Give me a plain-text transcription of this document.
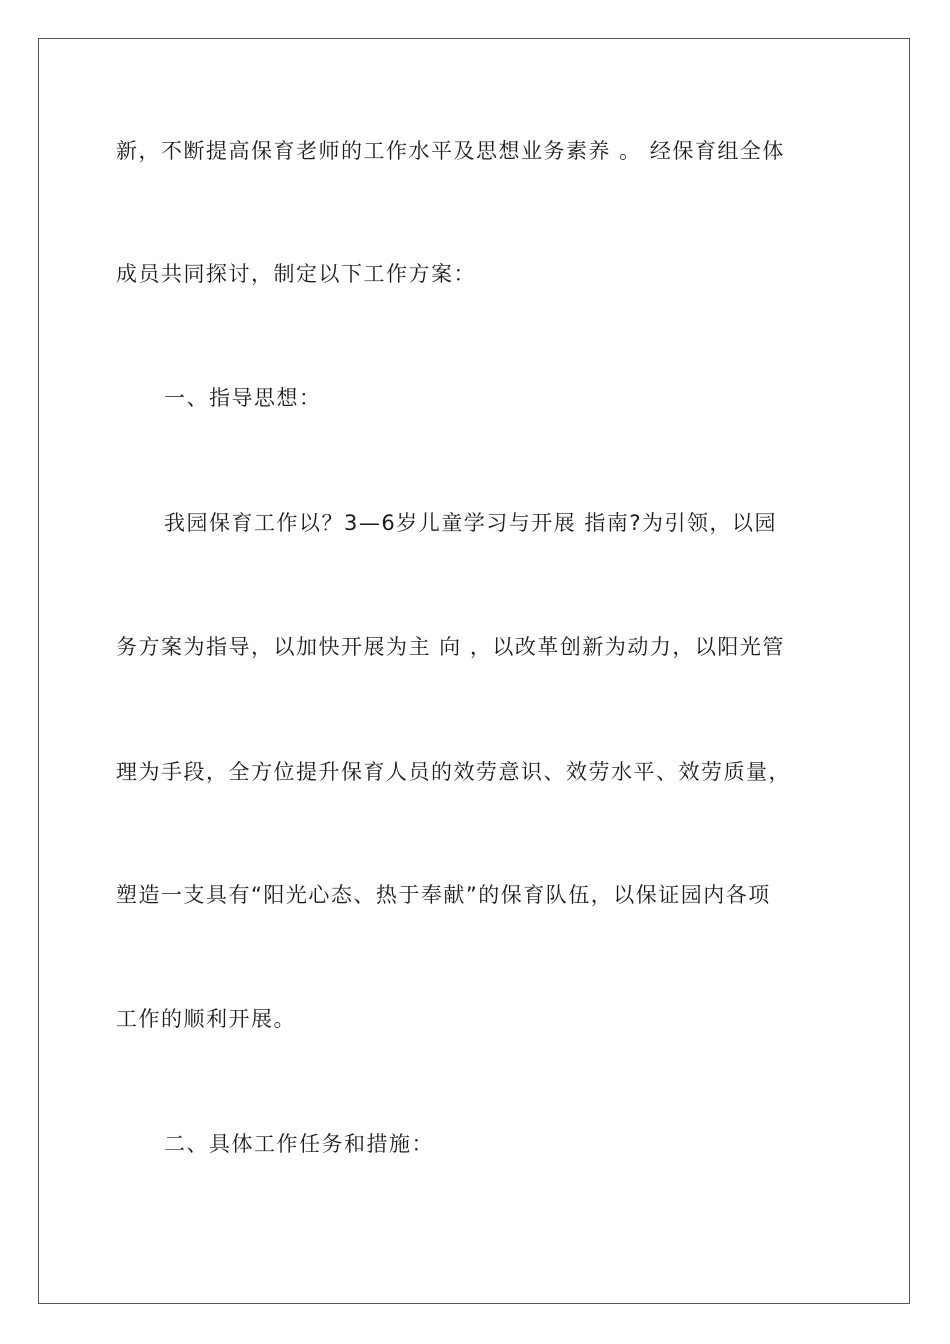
新，不断提高保育老师的工作水平及思想业务素养 。 经保育组全体
成员共同探讨，制定以下工作方案：
一、指导思想：
我园保育工作以？3—6岁儿童学习与开展 指南?为引领，以园
务方案为指导，以加快开展为主 向 ，以改革创新为动力，以阳光管
理为手段，全方位提升保育人员的效劳意识、效劳水平、效劳质量，
塑造一支具有“阳光心态、热于奉献”的保育队伍，以保证园内各项
工作的顺利开展。
二、具体工作任务和措施：
